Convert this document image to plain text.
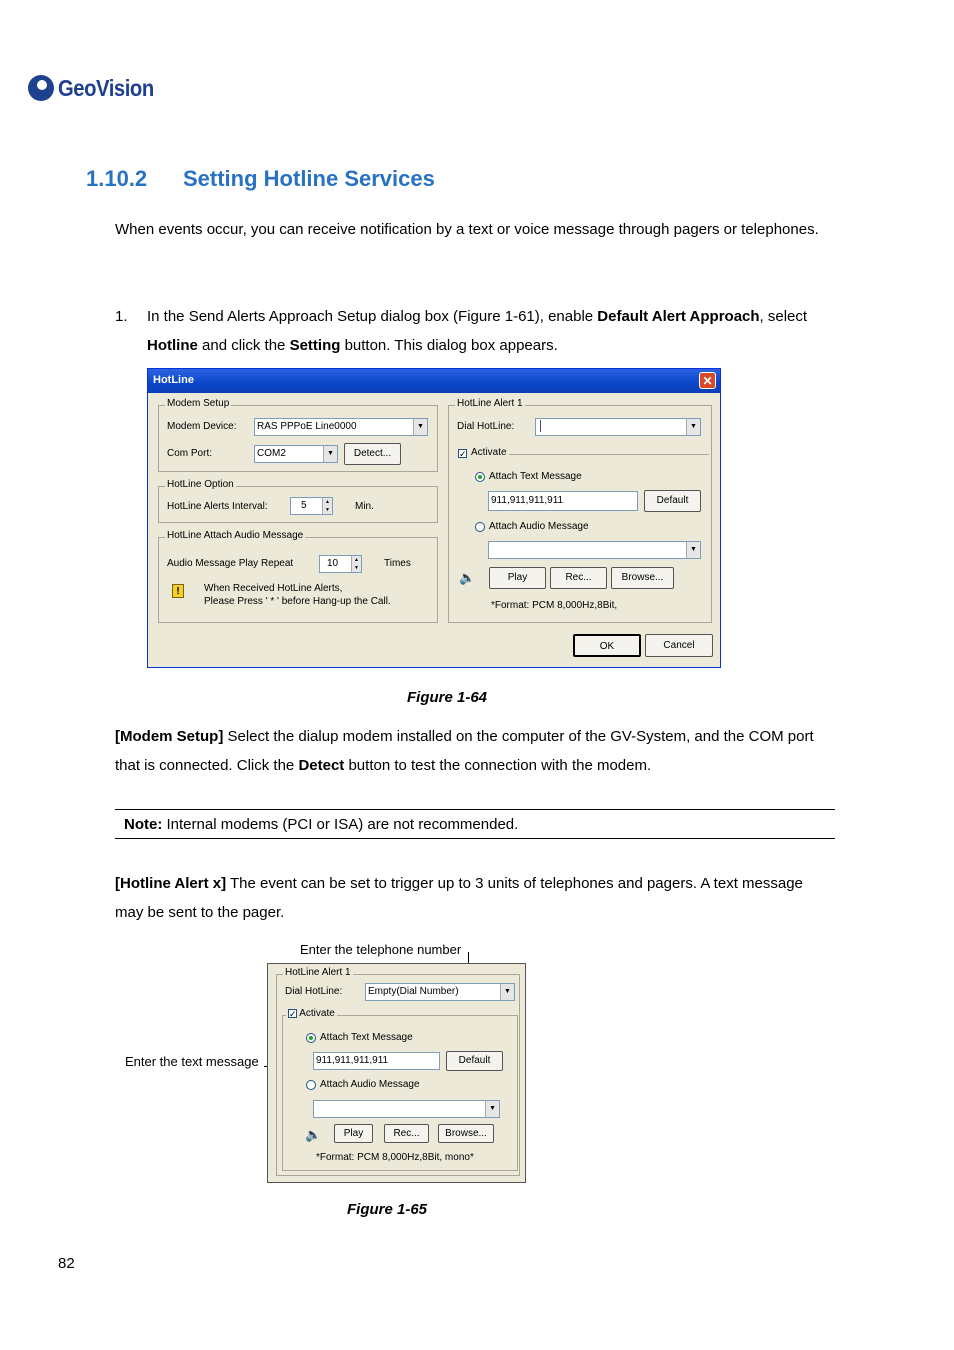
GeoVision
1.10.2 Setting Hotline Services
When events occur, you can receive notification by a text or voice message through pagers or telephones.
1. In the Send Alerts Approach Setup dialog box (Figure 1-61), enable Default Alert Approach, select Hotline and click the Setting button. This dialog box appears.
HotLine	✕
Modem Setup
Modem Device:	RAS PPPoE Line0000	▼
Com Port:	COM2	▼	Detect...
HotLine Option
HotLine Alerts Interval:	5	▲
▼	Min.
HotLine Attach Audio Message
Audio Message Play Repeat	10	▲
▼	Times
!	When Received HotLine Alerts,
Please Press ' * ' before Hang-up the Call.
HotLine Alert 1
Dial HotLine:	│	▼
✓ Activate
Attach Text Message
911,911,911,911	Default
Attach Audio Message
▼
🔈	Play	Rec...	Browse...
*Format: PCM 8,000Hz,8Bit,
OK	Cancel
Figure 1-64
[Modem Setup] Select the dialup modem installed on the computer of the GV-System, and the COM port that is connected. Click the Detect button to test the connection with the modem.
Note: Internal modems (PCI or ISA) are not recommended.
[Hotline Alert x] The event can be set to trigger up to 3 units of telephones and pagers. A text message may be sent to the pager.
Enter the telephone number
Enter the text message
HotLine Alert 1
Dial HotLine:	Empty(Dial Number)	▼
✓ Activate
Attach Text Message
911,911,911,911	Default
Attach Audio Message
▼
🔈	Play	Rec...	Browse...
*Format: PCM 8,000Hz,8Bit, mono*
Figure 1-65
82
